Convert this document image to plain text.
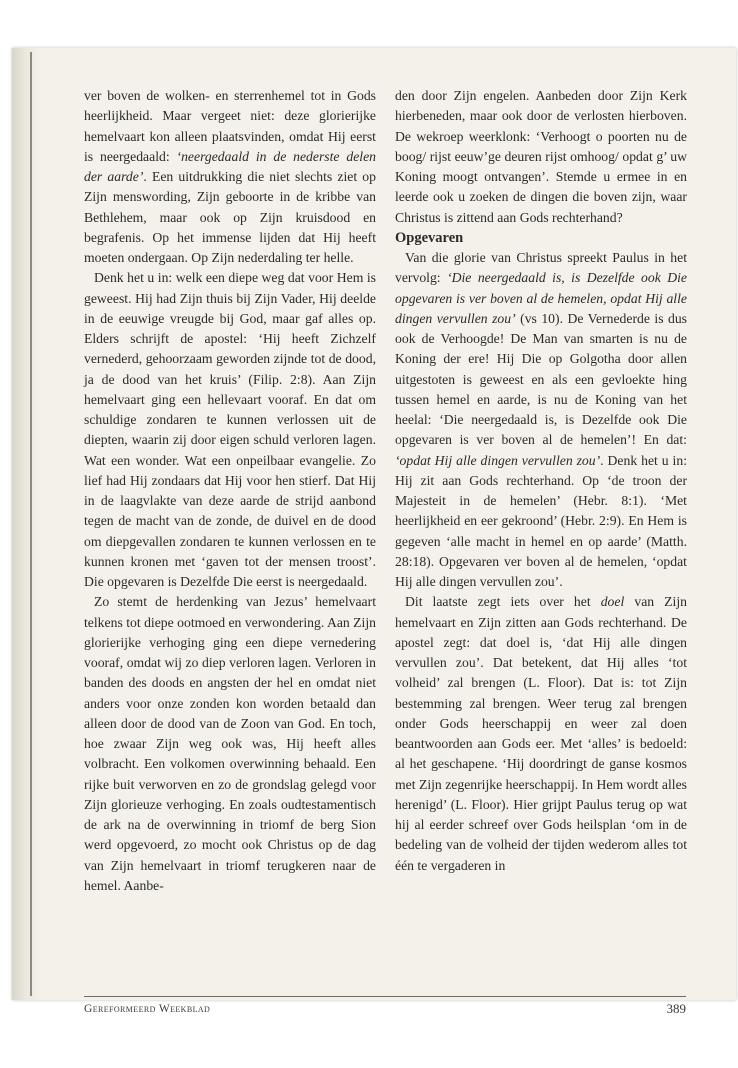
ver boven de wolken- en sterrenhemel tot in Gods heerlijkheid. Maar vergeet niet: deze glorierijke hemelvaart kon alleen plaatsvinden, omdat Hij eerst is neergedaald: ‘neergedaald in de nederste delen der aarde’. Een uitdrukking die niet slechts ziet op Zijn menswording, Zijn geboorte in de kribbe van Bethlehem, maar ook op Zijn kruisdood en begrafenis. Op het immense lijden dat Hij heeft moeten ondergaan. Op Zijn nederdaling ter helle.

Denk het u in: welk een diepe weg dat voor Hem is geweest. Hij had Zijn thuis bij Zijn Vader, Hij deelde in de eeuwige vreugde bij God, maar gaf alles op. Elders schrijft de apostel: ‘Hij heeft Zichzelf vernederd, gehoorzaam geworden zijnde tot de dood, ja de dood van het kruis’ (Filip. 2:8). Aan Zijn hemelvaart ging een hellevaart vooraf. En dat om schuldige zondaren te kunnen verlossen uit de diepten, waarin zij door eigen schuld verloren lagen. Wat een wonder. Wat een onpeilbaar evangelie. Zo lief had Hij zondaars dat Hij voor hen stierf. Dat Hij in de laagvlakte van deze aarde de strijd aanbond tegen de macht van de zonde, de duivel en de dood om diepgevallen zondaren te kunnen verlossen en te kunnen kronen met ‘gaven tot der mensen troost’. Die opgevaren is Dezelfde Die eerst is neergedaald.

Zo stemt de herdenking van Jezus’ hemelvaart telkens tot diepe ootmoed en verwondering. Aan Zijn glorierijke verhoging ging een diepe vernedering vooraf, omdat wij zo diep verloren lagen. Verloren in banden des doods en angsten der hel en omdat niet anders voor onze zonden kon worden betaald dan alleen door de dood van de Zoon van God. En toch, hoe zwaar Zijn weg ook was, Hij heeft alles volbracht. Een volkomen overwinning behaald. Een rijke buit verworven en zo de grondslag gelegd voor Zijn glorieuze verhoging. En zoals oudtestamentisch de ark na de overwinning in triomf de berg Sion werd opgevoerd, zo mocht ook Christus op de dag van Zijn hemelvaart in triomf terugkeren naar de hemel. Aanbe-

den door Zijn engelen. Aanbeden door Zijn Kerk hierbeneden, maar ook door de verlosten hierboven. De wekroep weerklonk: ‘Verhoogt o poorten nu de boog/ rijst eeuw’ge deuren rijst omhoog/ opdat g’ uw Koning moogt ontvangen’. Stemde u ermee in en leerde ook u zoeken de dingen die boven zijn, waar Christus is zittend aan Gods rechterhand?

Opgevaren

Van die glorie van Christus spreekt Paulus in het vervolg: ‘Die neergedaald is, is Dezelfde ook Die opgevaren is ver boven al de hemelen, opdat Hij alle dingen vervullen zou’ (vs 10). De Vernederde is dus ook de Verhoogde! De Man van smarten is nu de Koning der ere! Hij Die op Golgotha door allen uitgestoten is geweest en als een gevloekte hing tussen hemel en aarde, is nu de Koning van het heelal: ‘Die neergedaald is, is Dezelfde ook Die opgevaren is ver boven al de hemelen’! En dat: ‘opdat Hij alle dingen vervullen zou’. Denk het u in: Hij zit aan Gods rechterhand. Op ‘de troon der Majesteit in de hemelen’ (Hebr. 8:1). ‘Met heerlijkheid en eer gekroond’ (Hebr. 2:9). En Hem is gegeven ‘alle macht in hemel en op aarde’ (Matth. 28:18). Opgevaren ver boven al de hemelen, ‘opdat Hij alle dingen vervullen zou’.

Dit laatste zegt iets over het doel van Zijn hemelvaart en Zijn zitten aan Gods rechterhand. De apostel zegt: dat doel is, ‘dat Hij alle dingen vervullen zou’. Dat betekent, dat Hij alles ‘tot volheid’ zal brengen (L. Floor). Dat is: tot Zijn bestemming zal brengen. Weer terug zal brengen onder Gods heerschappij en weer zal doen beantwoorden aan Gods eer. Met ‘alles’ is bedoeld: al het geschapene. ‘Hij doordringt de ganse kosmos met Zijn zegenrijke heerschappij. In Hem wordt alles herenigd’ (L. Floor). Hier grijpt Paulus terug op wat hij al eerder schreef over Gods heilsplan ‘om in de bedeling van de volheid der tijden wederom alles tot één te vergaderen in

Gereformeerd Weekblad	389
